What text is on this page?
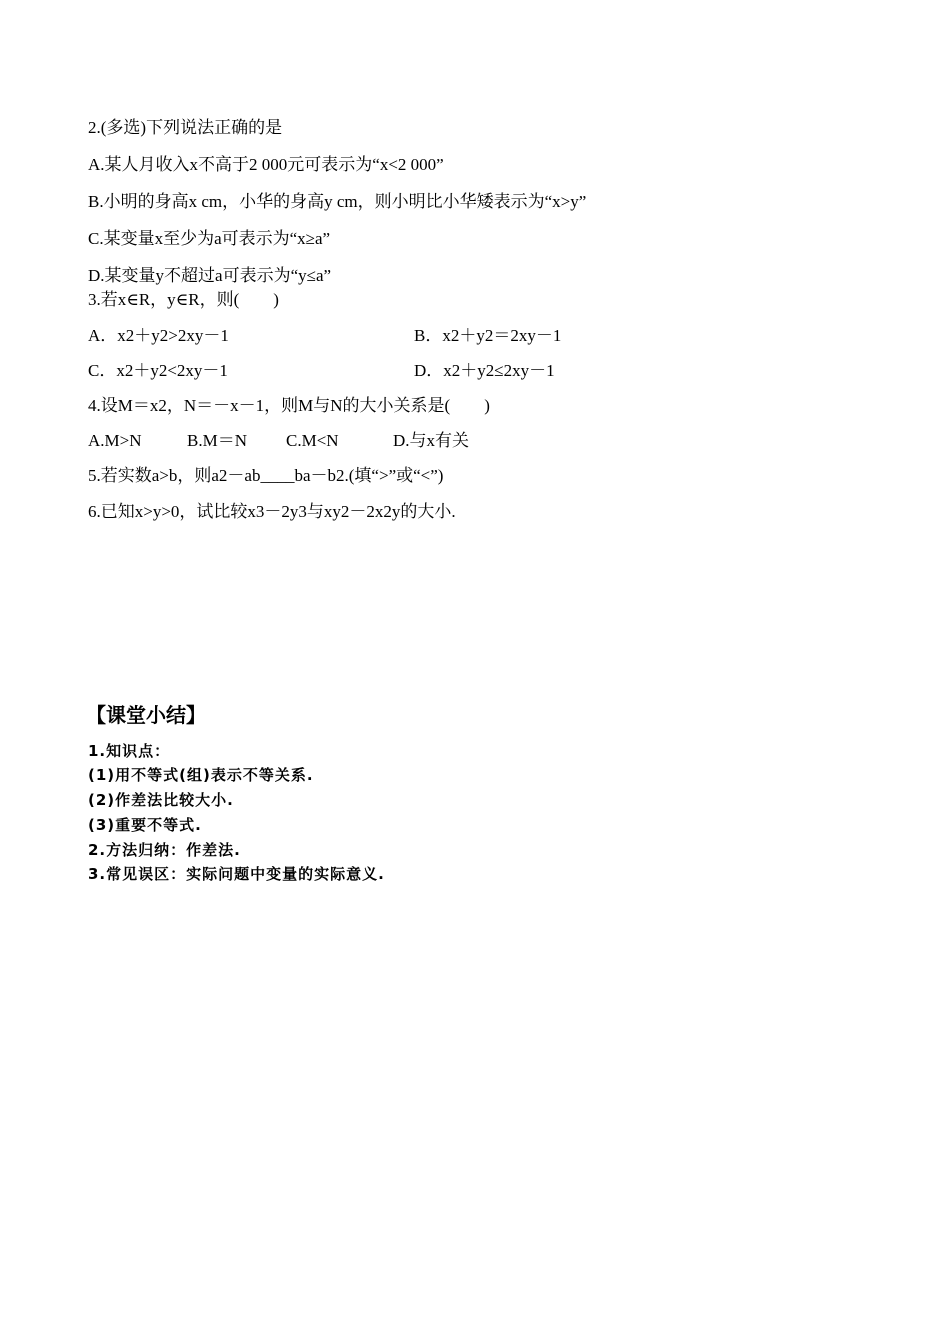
2.(多选)下列说法正确的是
A.某人月收入x不高于2 000元可表示为“x<2 000”
B.小明的身高x cm，小华的身高y cm，则小明比小华矮表示为“x>y”
C.某变量x至少为a可表示为“x≥a”
D.某变量y不超过a可表示为“y≤a”
3.若x∈R，y∈R，则(　　)
A．x2＋y2>2xy－1	B．x2＋y2＝2xy－1
C．x2＋y2<2xy－1	D．x2＋y2≤2xy－1
4.设M＝x2，N＝－x－1，则M与N的大小关系是(　　)
A.M>N	B.M＝N C.M<N	D.与x有关
5.若实数a>b，则a2－ab____ba－b2.(填“>”或“<”)
6.已知x>y>0，试比较x3－2y3与xy2－2x2y的大小.
【课堂小结】
1.知识点：
(1)用不等式(组)表示不等关系.
(2)作差法比较大小.
(3)重要不等式.
2.方法归纳：作差法.
3.常见误区：实际问题中变量的实际意义.
